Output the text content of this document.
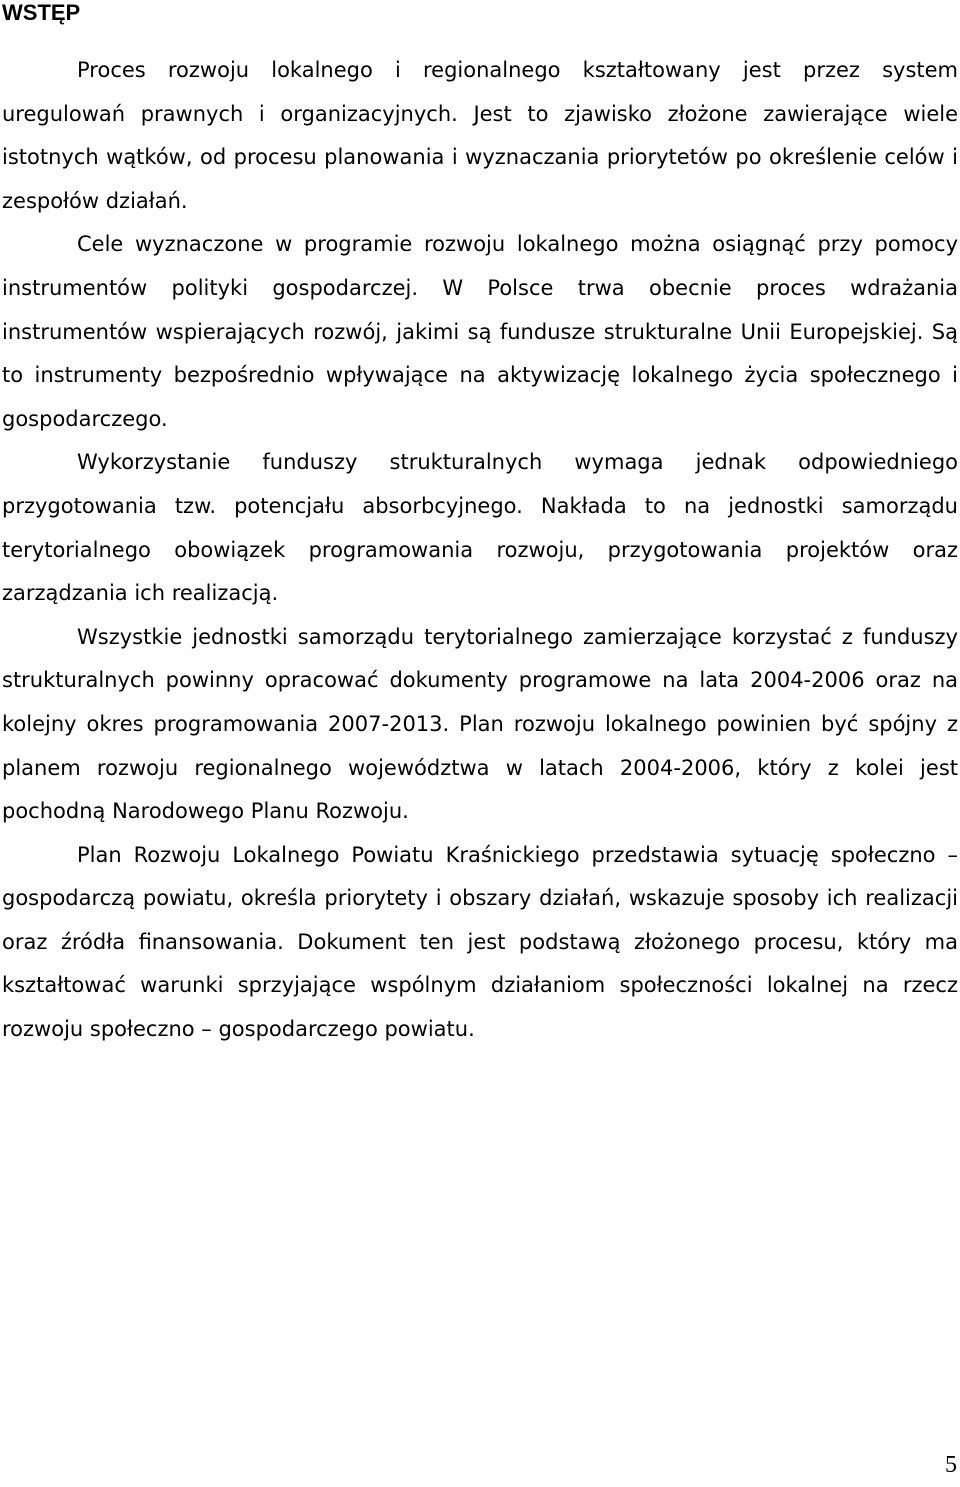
WSTĘP

Proces rozwoju lokalnego i regionalnego kształtowany jest przez system uregulowań prawnych i organizacyjnych. Jest to zjawisko złożone zawierające wiele istotnych wątków, od procesu planowania i wyznaczania priorytetów po określenie celów i zespołów działań.

Cele wyznaczone w programie rozwoju lokalnego można osiągnąć przy pomocy instrumentów polityki gospodarczej. W Polsce trwa obecnie proces wdrażania instrumentów wspierających rozwój, jakimi są fundusze strukturalne Unii Europejskiej. Są to instrumenty bezpośrednio wpływające na aktywizację lokalnego życia społecznego i gospodarczego.

Wykorzystanie funduszy strukturalnych wymaga jednak odpowiedniego przygotowania tzw. potencjału absorbcyjnego. Nakłada to na jednostki samorządu terytorialnego obowiązek programowania rozwoju, przygotowania projektów oraz zarządzania ich realizacją.

Wszystkie jednostki samorządu terytorialnego zamierzające korzystać z funduszy strukturalnych powinny opracować dokumenty programowe na lata 2004-2006 oraz na kolejny okres programowania 2007-2013. Plan rozwoju lokalnego powinien być spójny z planem rozwoju regionalnego województwa w latach 2004-2006, który z kolei jest pochodną Narodowego Planu Rozwoju.

Plan Rozwoju Lokalnego Powiatu Kraśnickiego przedstawia sytuację społeczno – gospodarczą powiatu, określa priorytety i obszary działań, wskazuje sposoby ich realizacji oraz źródła finansowania. Dokument ten jest podstawą złożonego procesu, który ma kształtować warunki sprzyjające wspólnym działaniom społeczności lokalnej na rzecz rozwoju społeczno – gospodarczego powiatu.

5
